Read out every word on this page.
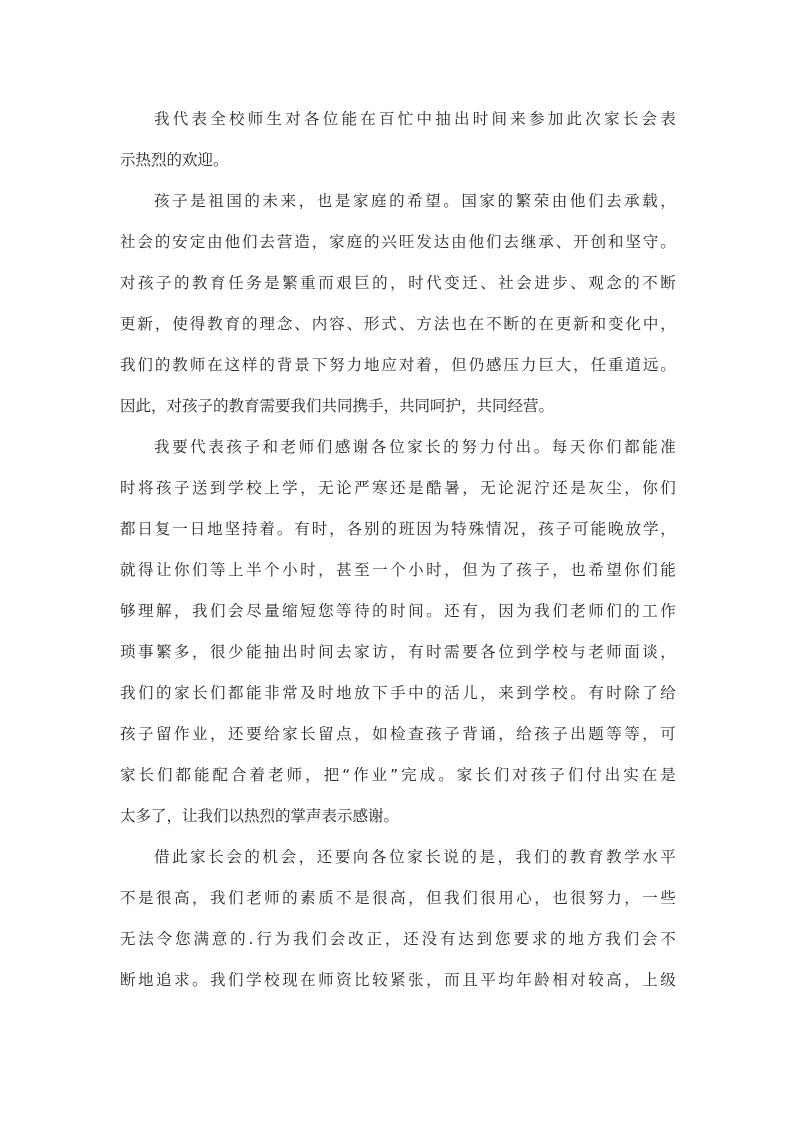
我代表全校师生对各位能在百忙中抽出时间来参加此次家长会表
示热烈的欢迎。
孩子是祖国的未来，也是家庭的希望。国家的繁荣由他们去承载，
社会的安定由他们去营造，家庭的兴旺发达由他们去继承、开创和坚守。
对孩子的教育任务是繁重而艰巨的，时代变迁、社会进步、观念的不断
更新，使得教育的理念、内容、形式、方法也在不断的在更新和变化中，
我们的教师在这样的背景下努力地应对着，但仍感压力巨大，任重道远。
因此，对孩子的教育需要我们共同携手，共同呵护，共同经营。
我要代表孩子和老师们感谢各位家长的努力付出。每天你们都能准
时将孩子送到学校上学，无论严寒还是酷暑，无论泥泞还是灰尘，你们
都日复一日地坚持着。有时，各别的班因为特殊情况，孩子可能晚放学，
就得让你们等上半个小时，甚至一个小时，但为了孩子，也希望你们能
够理解，我们会尽量缩短您等待的时间。还有，因为我们老师们的工作
琐事繁多，很少能抽出时间去家访，有时需要各位到学校与老师面谈，
我们的家长们都能非常及时地放下手中的活儿，来到学校。有时除了给
孩子留作业，还要给家长留点，如检查孩子背诵，给孩子出题等等，可
家长们都能配合着老师，把“作业”完成。家长们对孩子们付出实在是
太多了，让我们以热烈的掌声表示感谢。
借此家长会的机会，还要向各位家长说的是，我们的教育教学水平
不是很高，我们老师的素质不是很高，但我们很用心，也很努力，一些
无法令您满意的.行为我们会改正，还没有达到您要求的地方我们会不
断地追求。我们学校现在师资比较紧张，而且平均年龄相对较高，上级
